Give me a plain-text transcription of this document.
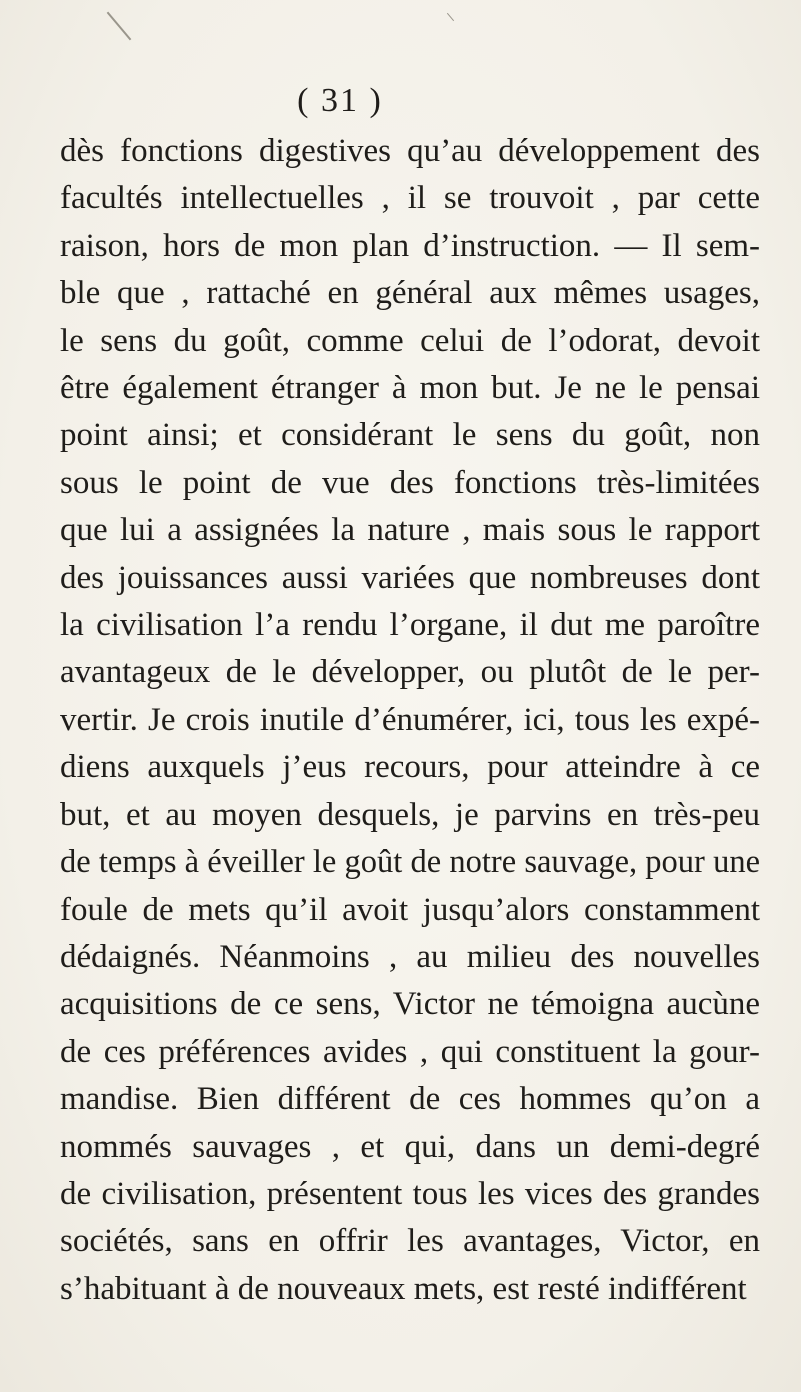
( 31 )
dès fonctions digestives qu’au développement des
facultés intellectuelles , il se trouvoit , par cette
raison, hors de mon plan d’instruction. — Il sem-
ble que , rattaché en général aux mêmes usages,
le sens du goût, comme celui de l’odorat, devoit
être également étranger à mon but. Je ne le pensai
point ainsi; et considérant le sens du goût, non
sous le point de vue des fonctions très-limitées
que lui a assignées la nature , mais sous le rapport
des jouissances aussi variées que nombreuses dont
la civilisation l’a rendu l’organe, il dut me paroître
avantageux de le développer, ou plutôt de le per-
vertir. Je crois inutile d’énumérer, ici, tous les expé-
diens auxquels j’eus recours, pour atteindre à ce
but, et au moyen desquels, je parvins en très-peu
de temps à éveiller le goût de notre sauvage, pour une
foule de mets qu’il avoit jusqu’alors constamment
dédaignés. Néanmoins , au milieu des nouvelles
acquisitions de ce sens, Victor ne témoigna aucùne
de ces préférences avides , qui constituent la gour-
mandise. Bien différent de ces hommes qu’on a
nommés sauvages , et qui, dans un demi-degré
de civilisation, présentent tous les vices des grandes
sociétés, sans en offrir les avantages, Victor, en
s’habituant à de nouveaux mets, est resté indifférent
